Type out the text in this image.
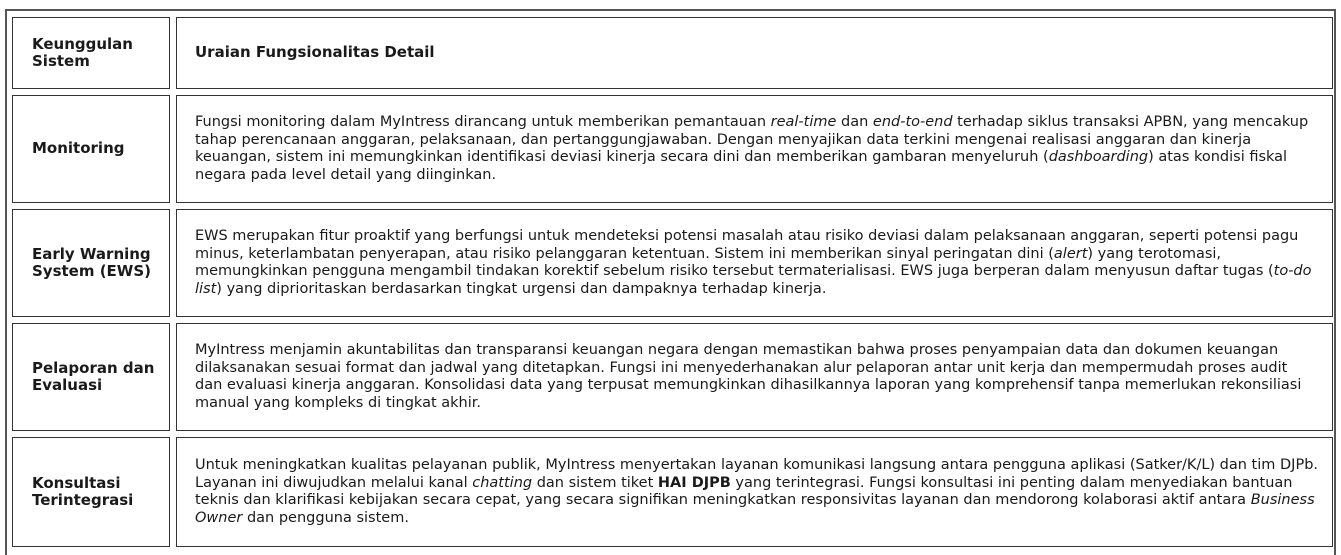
Keunggulan Sistem	Uraian Fungsionalitas Detail
Monitoring	Fungsi monitoring dalam MyIntress dirancang untuk memberikan pemantauan real-time dan end-to-end terhadap siklus transaksi APBN, yang mencakup tahap perencanaan anggaran, pelaksanaan, dan pertanggungjawaban. Dengan menyajikan data terkini mengenai realisasi anggaran dan kinerja keuangan, sistem ini memungkinkan identifikasi deviasi kinerja secara dini dan memberikan gambaran menyeluruh (dashboarding) atas kondisi fiskal negara pada level detail yang diinginkan.

Early Warning System (EWS)	EWS merupakan fitur proaktif yang berfungsi untuk mendeteksi potensi masalah atau risiko deviasi dalam pelaksanaan anggaran, seperti potensi pagu minus, keterlambatan penyerapan, atau risiko pelanggaran ketentuan. Sistem ini memberikan sinyal peringatan dini (alert) yang terotomasi, memungkinkan pengguna mengambil tindakan korektif sebelum risiko tersebut termaterialisasi. EWS juga berperan dalam menyusun daftar tugas (to-do list) yang diprioritaskan berdasarkan tingkat urgensi dan dampaknya terhadap kinerja.

Pelaporan dan Evaluasi	MyIntress menjamin akuntabilitas dan transparansi keuangan negara dengan memastikan bahwa proses penyampaian data dan dokumen keuangan dilaksanakan sesuai format dan jadwal yang ditetapkan. Fungsi ini menyederhanakan alur pelaporan antar unit kerja dan mempermudah proses audit dan evaluasi kinerja anggaran. Konsolidasi data yang terpusat memungkinkan dihasilkannya laporan yang komprehensif tanpa memerlukan rekonsiliasi manual yang kompleks di tingkat akhir.

Konsultasi Terintegrasi	Untuk meningkatkan kualitas pelayanan publik, MyIntress menyertakan layanan komunikasi langsung antara pengguna aplikasi (Satker/K/L) dan tim DJPb. Layanan ini diwujudkan melalui kanal chatting dan sistem tiket HAI DJPB yang terintegrasi. Fungsi konsultasi ini penting dalam menyediakan bantuan teknis dan klarifikasi kebijakan secara cepat, yang secara signifikan meningkatkan responsivitas layanan dan mendorong kolaborasi aktif antara Business Owner dan pengguna sistem.
